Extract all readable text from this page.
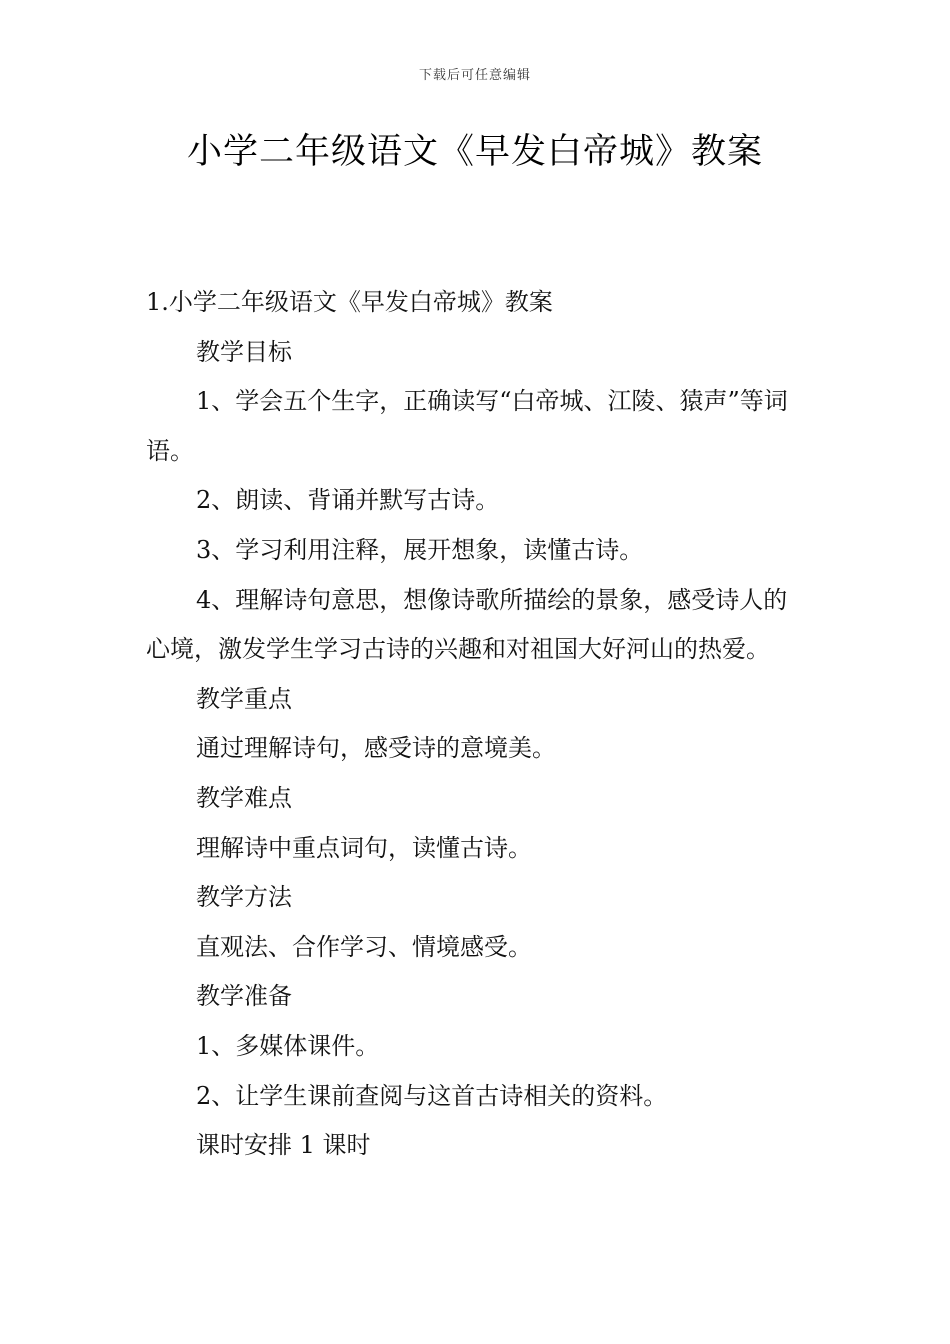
下载后可任意编辑
小学二年级语文《早发白帝城》教案

1.小学二年级语文《早发白帝城》教案

教学目标

1、学会五个生字，正确读写“白帝城、江陵、猿声”等词语。

2、朗读、背诵并默写古诗。

3、学习利用注释，展开想象，读懂古诗。

4、理解诗句意思，想像诗歌所描绘的景象，感受诗人的心境，激发学生学习古诗的兴趣和对祖国大好河山的热爱。

教学重点

通过理解诗句，感受诗的意境美。

教学难点

理解诗中重点词句，读懂古诗。

教学方法

直观法、合作学习、情境感受。

教学准备

1、多媒体课件。

2、让学生课前查阅与这首古诗相关的资料。

课时安排 1 课时
